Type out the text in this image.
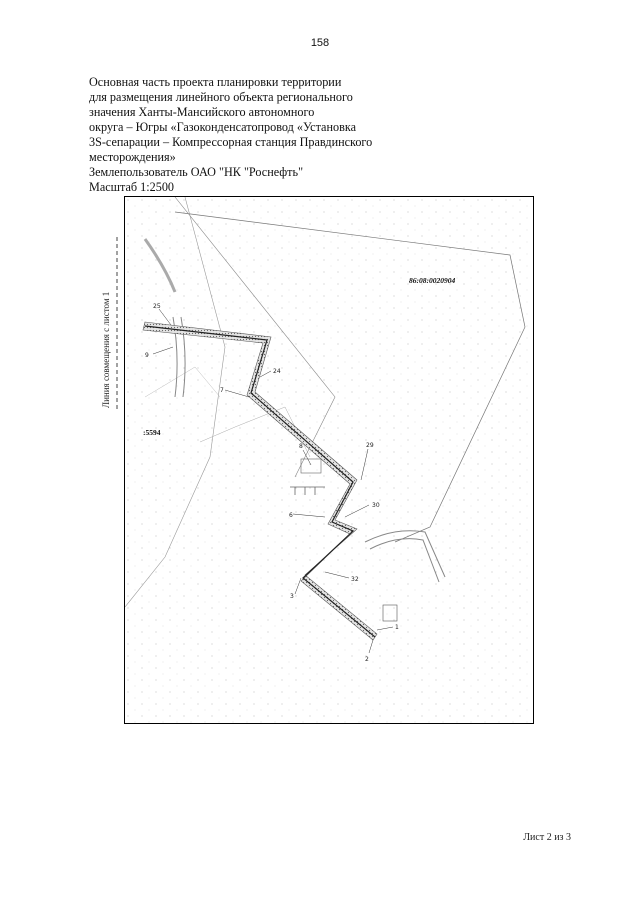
158
Основная часть проекта планировки территории
для размещения линейного объекта регионального
значения Ханты-Мансийского автономного
округа – Югры «Газоконденсатопровод «Установка
3S-сепарации – Компрессорная станция Правдинского
месторождения»
Землепользователь ОАО "НК "Роснефть"
Масштаб 1:2500
Линия совмещения с листом 1	25
9
24
7
29
8
6
30
32
3
1
2
86:08:0020904
:5594
Лист 2 из 3
